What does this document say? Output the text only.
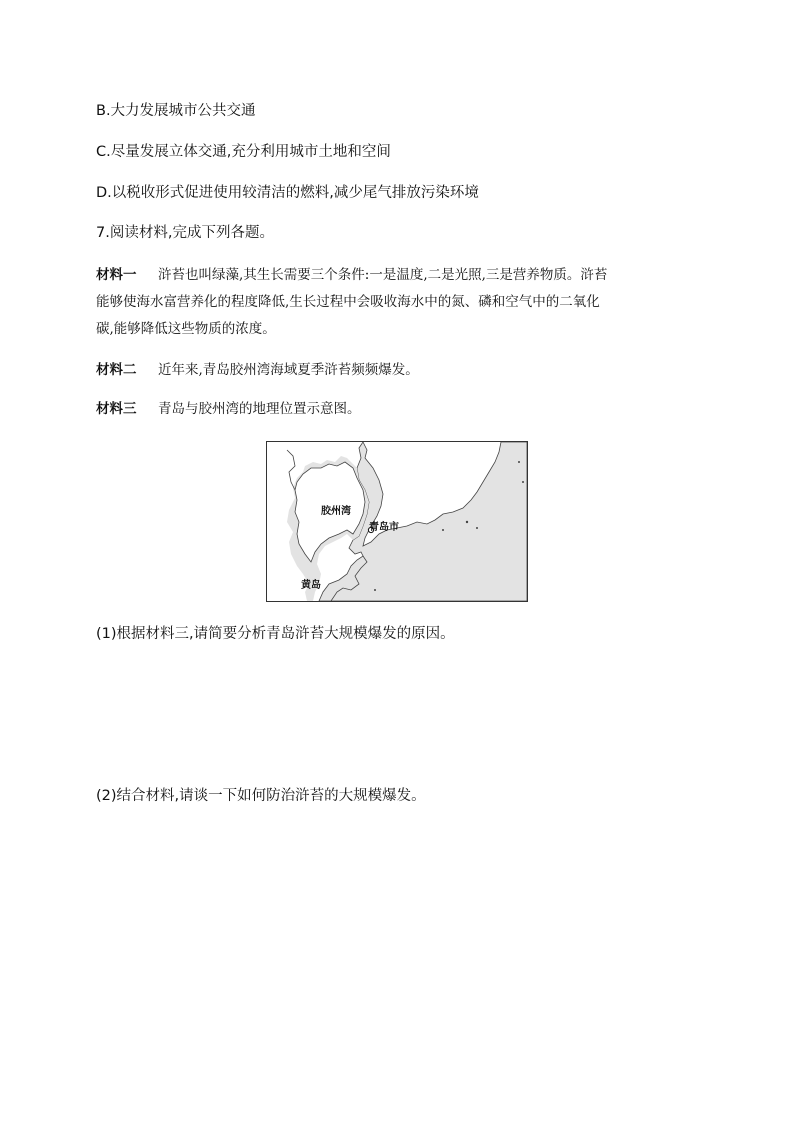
B.大力发展城市公共交通
C.尽量发展立体交通,充分利用城市土地和空间
D.以税收形式促进使用较清洁的燃料,减少尾气排放污染环境
7.阅读材料,完成下列各题。
材料一 浒苔也叫绿藻,其生长需要三个条件:一是温度,二是光照,三是营养物质。浒苔
能够使海水富营养化的程度降低,生长过程中会吸收海水中的氮、磷和空气中的二氧化
碳,能够降低这些物质的浓度。
材料二 近年来,青岛胶州湾海域夏季浒苔频频爆发。
材料三 青岛与胶州湾的地理位置示意图。
胶州湾
青岛市
黄岛
(1)根据材料三,请简要分析青岛浒苔大规模爆发的原因。
(2)结合材料,请谈一下如何防治浒苔的大规模爆发。
